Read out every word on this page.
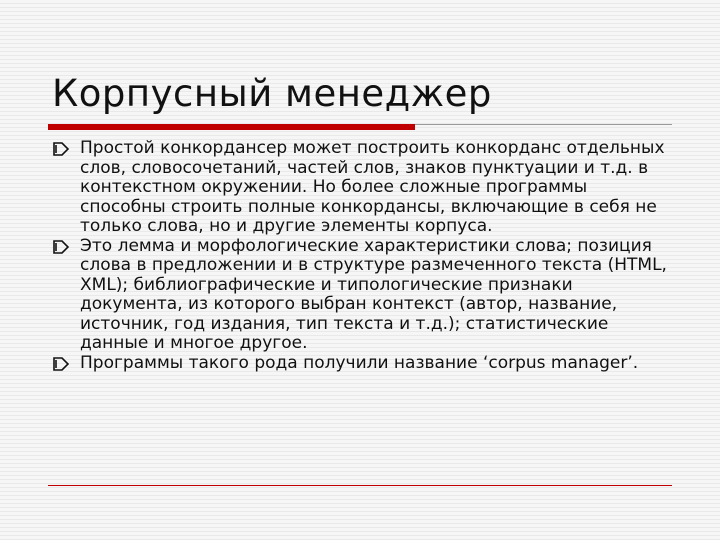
Корпусный менеджер
Простой конкордансер может построить конкорданс отдельных слов, словосочетаний, частей слов, знаков пунктуации и т.д. в контекстном окружении. Но более сложные программы способны строить полные конкордансы, включающие в себя не только слова, но и другие элементы корпуса.
Это лемма и морфологические характеристики слова; позиция слова в предложении и в структуре размеченного текста (HTML, XML); библиографические и типологические признаки документа, из которого выбран контекст (автор, название, источник, год издания, тип текста и т.д.); статистические данные и многое другое.
Программы такого рода получили название ‘corpus manager’.
